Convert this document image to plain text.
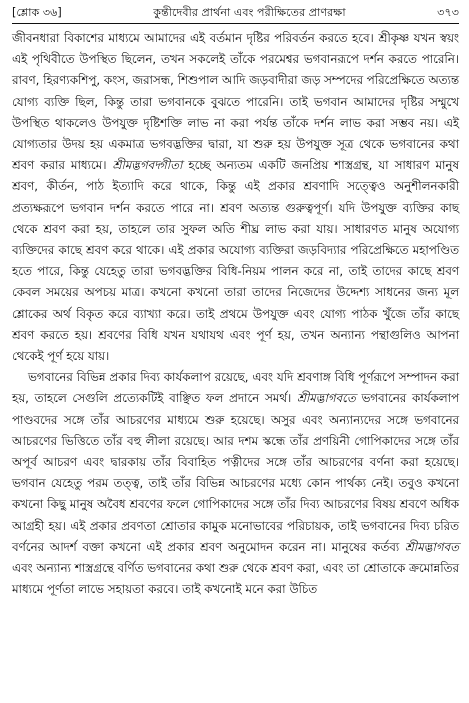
[শ্লোক ৩৬]	কুন্তীদেবীর প্রার্থনা এবং পরীক্ষিতের প্রাণরক্ষা	৩৭৩

জীবনধারা বিকাশের মাধ্যমে আমাদের এই বর্তমান দৃষ্টির পরিবর্তন করতে হবে। শ্রীকৃষ্ণ যখন স্বয়ং এই পৃথিবীতে উপস্থিত ছিলেন, তখন সকলেই তাঁকে পরমেশ্বর ভগবানরূপে দর্শন করতে পারেনি। রাবণ, হিরণ্যকশিপু, কংস, জরাসন্ধ, শিশুপাল আদি জড়বাদীরা জড় সম্পদের পরিপ্রেক্ষিতে অত্যন্ত যোগ্য ব্যক্তি ছিল, কিন্তু তারা ভগবানকে বুঝতে পারেনি। তাই ভগবান আমাদের দৃষ্টির সম্মুখে উপস্থিত থাকলেও উপযুক্ত দৃষ্টিশক্তি লাভ না করা পর্যন্ত তাঁকে দর্শন লাভ করা সম্ভব নয়। এই যোগ্যতার উদয় হয় একমাত্র ভগবদ্ভক্তির দ্বারা, যা শুরু হয় উপযুক্ত সূত্র থেকে ভগবানের কথা শ্রবণ করার মাধ্যমে। শ্রীমদ্ভগবদ্গীতা হচ্ছে অন্যতম একটি জনপ্রিয় শাস্ত্রগ্রন্থ, যা সাধারণ মানুষ শ্রবণ, কীর্তন, পাঠ ইত্যাদি করে থাকে, কিন্তু এই প্রকার শ্রবণাদি সত্ত্বেও অনুশীলনকারী প্রত্যক্ষরূপে ভগবান দর্শন করতে পারে না। শ্রবণ অত্যন্ত গুরুত্বপূর্ণ। যদি উপযুক্ত ব্যক্তির কাছ থেকে শ্রবণ করা হয়, তাহলে তার সুফল অতি শীঘ্র লাভ করা যায়। সাধারণত মানুষ অযোগ্য ব্যক্তিদের কাছে শ্রবণ করে থাকে। এই প্রকার অযোগ্য ব্যক্তিরা জড়বিদ্যার পরিপ্রেক্ষিতে মহাপণ্ডিত হতে পারে, কিন্তু যেহেতু তারা ভগবদ্ভক্তির বিধি-নিয়ম পালন করে না, তাই তাদের কাছে শ্রবণ কেবল সময়ের অপচয় মাত্র। কখনো কখনো তারা তাদের নিজেদের উদ্দেশ্য সাধনের জন্য মূল শ্লোকের অর্থ বিকৃত করে ব্যাখ্যা করে। তাই প্রথমে উপযুক্ত এবং যোগ্য পাঠক খুঁজে তাঁর কাছে শ্রবণ করতে হয়। শ্রবণের বিধি যখন যথাযথ এবং পূর্ণ হয়, তখন অন্যান্য পন্থাগুলিও আপনা থেকেই পূর্ণ হয়ে যায়।

ভগবানের বিভিন্ন প্রকার দিব্য কার্যকলাপ রয়েছে, এবং যদি শ্রবণাঙ্গ বিধি পূর্ণরূপে সম্পাদন করা হয়, তাহলে সেগুলি প্রত্যেকটিই বাঞ্ছিত ফল প্রদানে সমর্থ। শ্রীমদ্ভাগবতে ভগবানের কার্যকলাপ পাণ্ডবদের সঙ্গে তাঁর আচরণের মাধ্যমে শুরু হয়েছে। অসুর এবং অন্যান্যদের সঙ্গে ভগবানের আচরণের ভিত্তিতে তাঁর বহু লীলা রয়েছে। আর দশম স্কন্ধে তাঁর প্রণয়িনী গোপিকাদের সঙ্গে তাঁর অপূর্ব আচরণ এবং দ্বারকায় তাঁর বিবাহিত পত্নীদের সঙ্গে তাঁর আচরণের বর্ণনা করা হয়েছে। ভগবান যেহেতু পরম তত্ত্ব, তাই তাঁর বিভিন্ন আচরণের মধ্যে কোন পার্থক্য নেই। তবুও কখনো কখনো কিছু মানুষ অবৈধ শ্রবণের ফলে গোপিকাদের সঙ্গে তাঁর দিব্য আচরণের বিষয় শ্রবণে অধিক আগ্রহী হয়। এই প্রকার প্রবণতা শ্রোতার কামুক মনোভাবের পরিচায়ক, তাই ভগবানের দিব্য চরিত বর্ণনের আদর্শ বক্তা কখনো এই প্রকার শ্রবণ অনুমোদন করেন না। মানুষের কর্তব্য শ্রীমদ্ভাগবত এবং অন্যান্য শাস্ত্রগ্রন্থে বর্ণিত ভগবানের কথা শুরু থেকে শ্রবণ করা, এবং তা শ্রোতাকে ক্রমোন্নতির মাধ্যমে পূর্ণতা লাভে সহায়তা করবে। তাই কখনোই মনে করা উচিত
